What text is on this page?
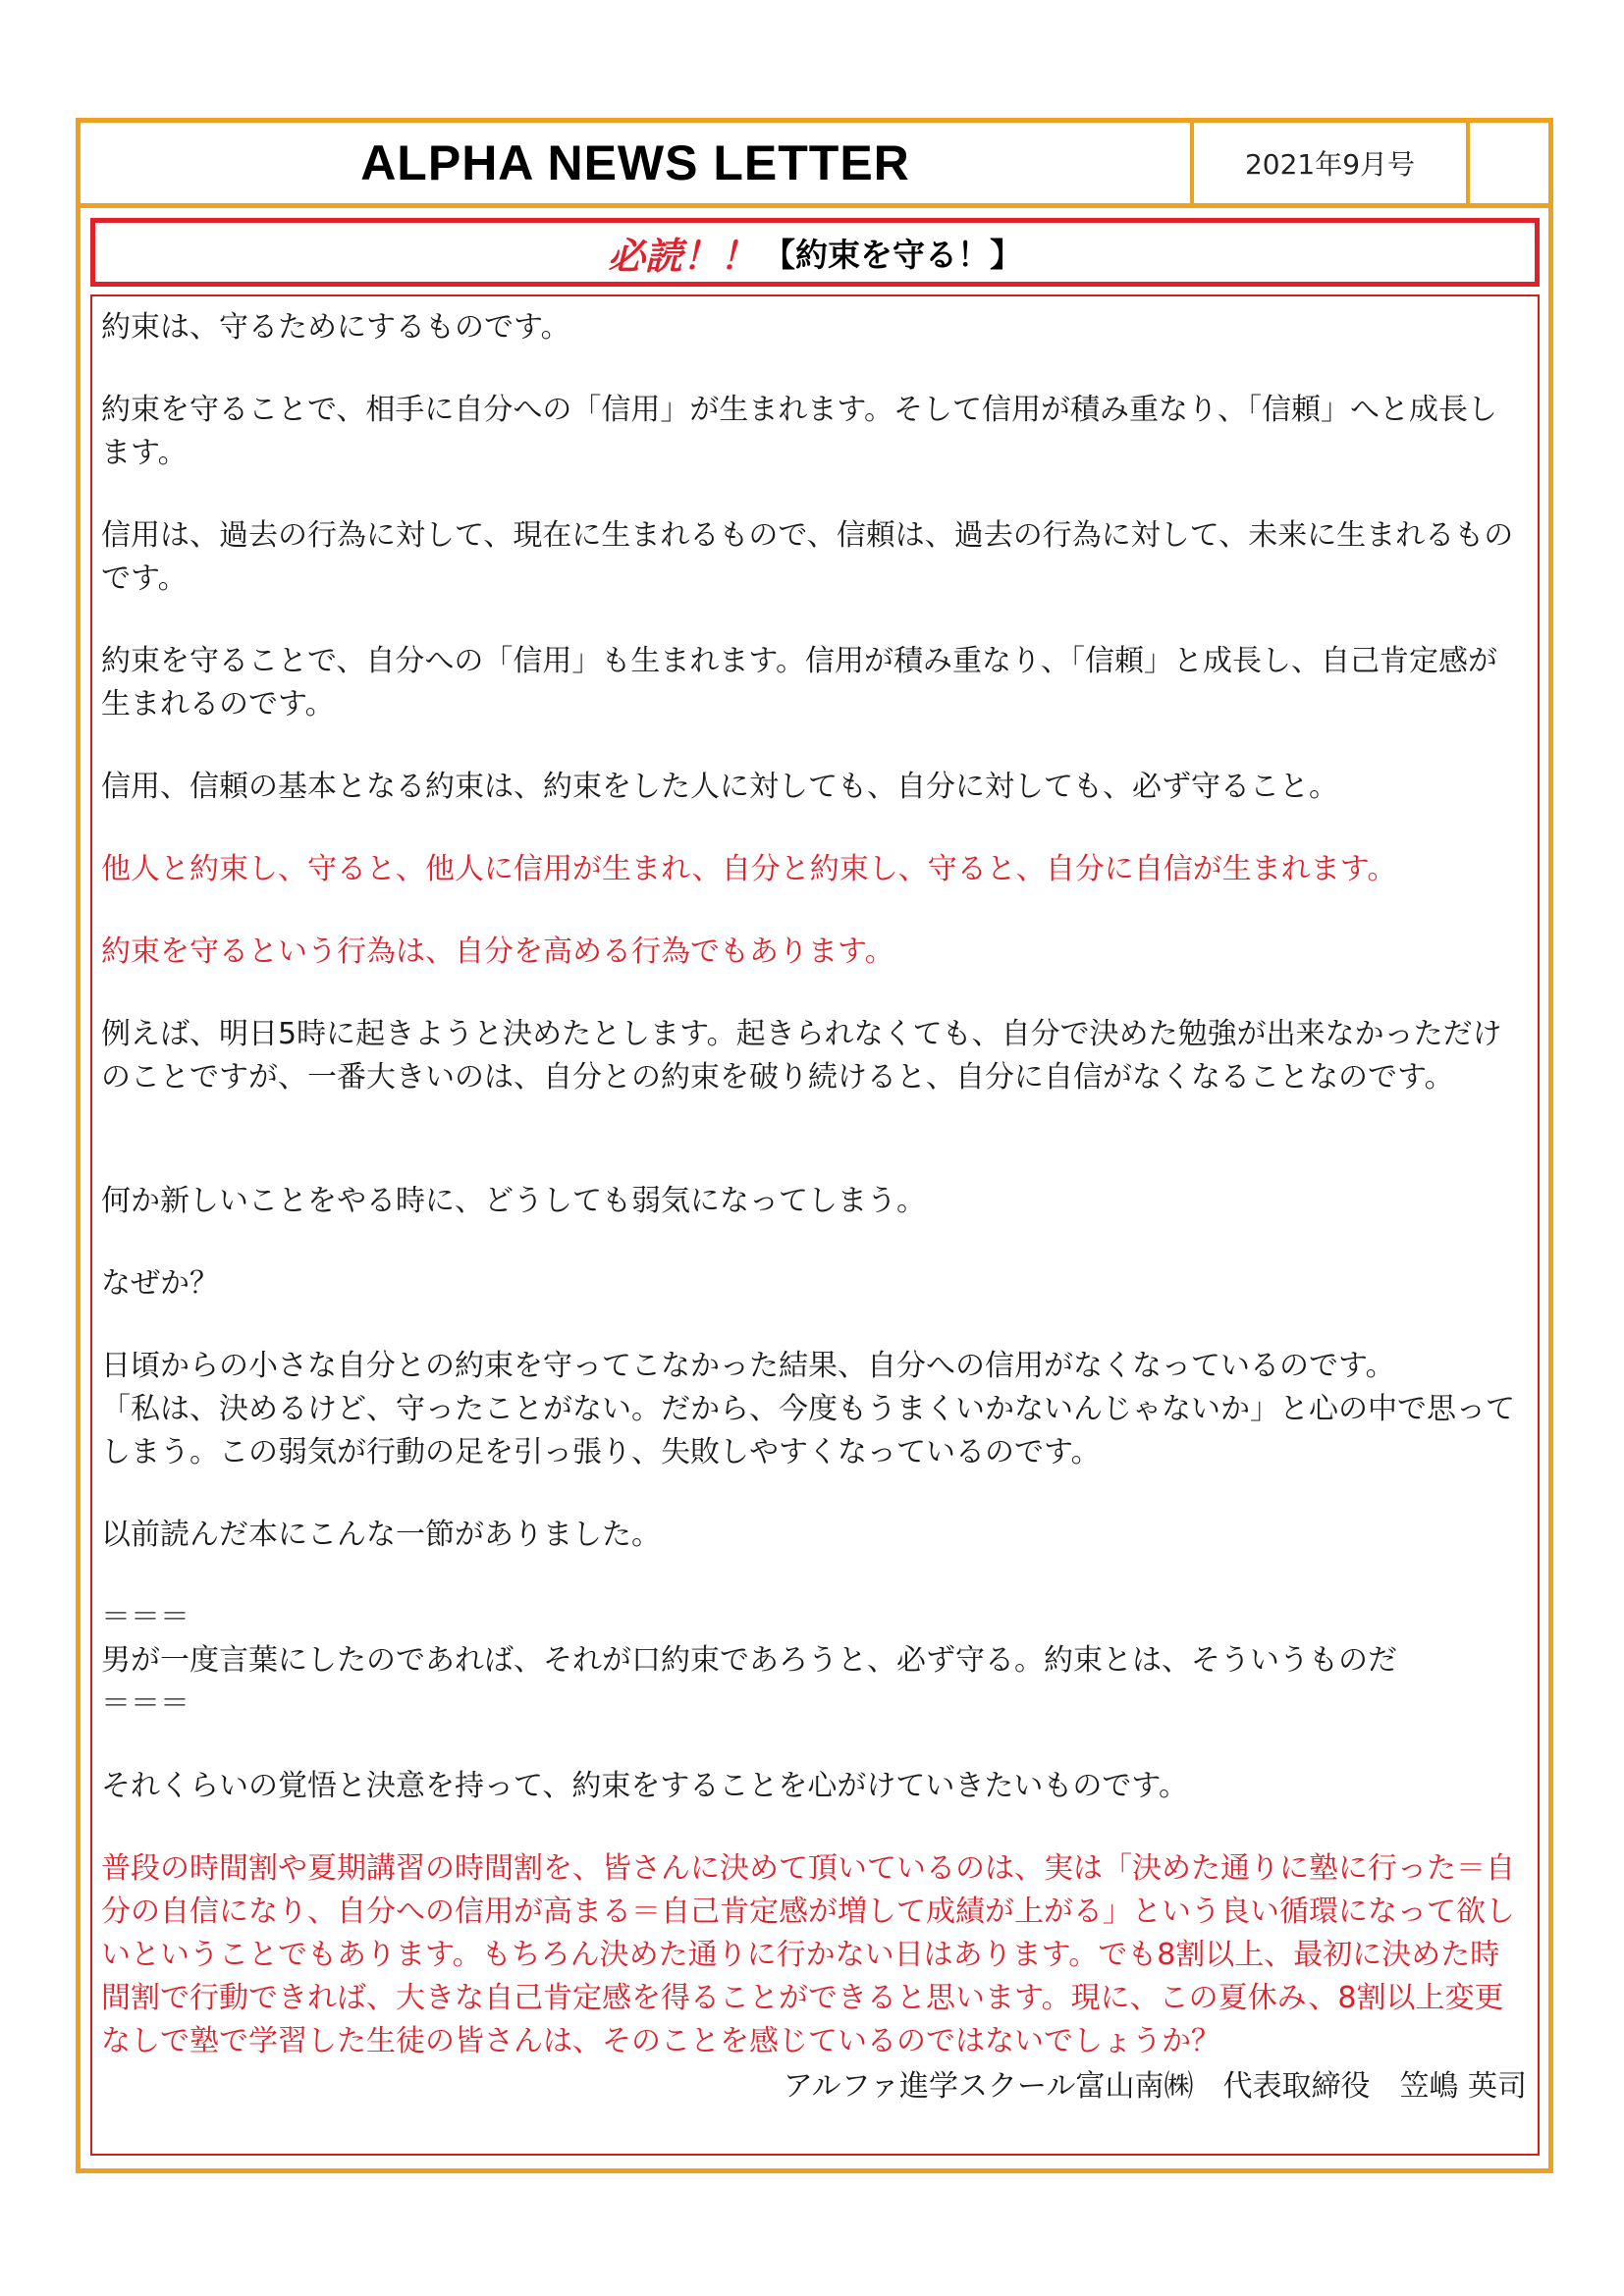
ALPHA NEWS LETTER	2021年9月号
必読！！ 【約束を守る！】
約束は、守るためにするものです。
約束を守ることで、相手に自分への「信用」が生まれます。そして信用が積み重なり、「信頼」へと成長します。
信用は、過去の行為に対して、現在に生まれるもので、信頼は、過去の行為に対して、未来に生まれるものです。
約束を守ることで、自分への「信用」も生まれます。信用が積み重なり、「信頼」と成長し、自己肯定感が生まれるのです。
信用、信頼の基本となる約束は、約束をした人に対しても、自分に対しても、必ず守ること。
他人と約束し、守ると、他人に信用が生まれ、自分と約束し、守ると、自分に自信が生まれます。
約束を守るという行為は、自分を高める行為でもあります。
例えば、明日5時に起きようと決めたとします。起きられなくても、自分で決めた勉強が出来なかっただけのことですが、一番大きいのは、自分との約束を破り続けると、自分に自信がなくなることなのです。
何か新しいことをやる時に、どうしても弱気になってしまう。
なぜか？
日頃からの小さな自分との約束を守ってこなかった結果、自分への信用がなくなっているのです。
「私は、決めるけど、守ったことがない。だから、今度もうまくいかないんじゃないか」と心の中で思ってしまう。この弱気が行動の足を引っ張り、失敗しやすくなっているのです。
以前読んだ本にこんな一節がありました。
＝＝＝
男が一度言葉にしたのであれば、それが口約束であろうと、必ず守る。約束とは、そういうものだ
＝＝＝
それくらいの覚悟と決意を持って、約束をすることを心がけていきたいものです。
普段の時間割や夏期講習の時間割を、皆さんに決めて頂いているのは、実は「決めた通りに塾に行った＝自分の自信になり、自分への信用が高まる＝自己肯定感が増して成績が上がる」という良い循環になって欲しいということでもあります。もちろん決めた通りに行かない日はあります。でも8割以上、最初に決めた時間割で行動できれば、大きな自己肯定感を得ることができると思います。現に、この夏休み、8割以上変更なしで塾で学習した生徒の皆さんは、そのことを感じているのではないでしょうか？
アルファ進学スクール富山南㈱　代表取締役　笠嶋 英司
